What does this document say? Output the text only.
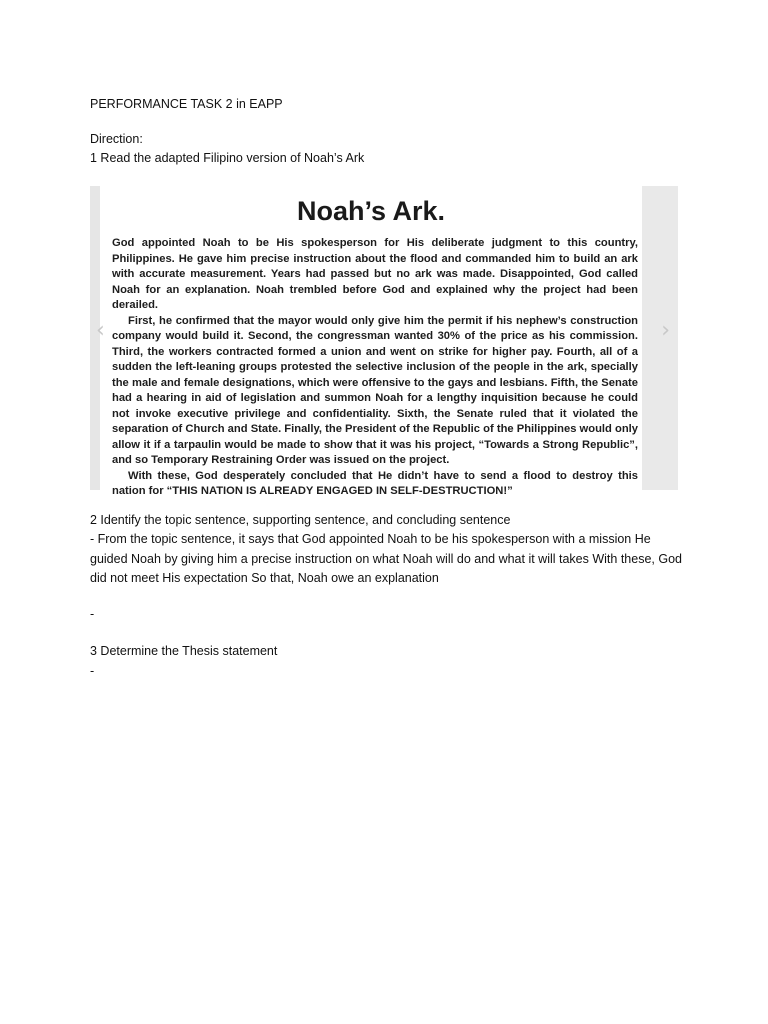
PERFORMANCE TASK 2 in EAPP
Direction:
1 Read the adapted Filipino version of Noah’s Ark
Noah’s Ark.

God appointed Noah to be His spokesperson for His deliberate judgment to this country, Philippines. He gave him precise instruction about the flood and commanded him to build an ark with accurate measurement. Years had passed but no ark was made. Disappointed, God called Noah for an explanation. Noah trembled before God and explained why the project had been derailed.

First, he confirmed that the mayor would only give him the permit if his nephew’s construction company would build it. Second, the congressman wanted 30% of the price as his commission. Third, the workers contracted formed a union and went on strike for higher pay. Fourth, all of a sudden the left-leaning groups protested the selective inclusion of the people in the ark, specially the male and female designations, which were offensive to the gays and lesbians. Fifth, the Senate had a hearing in aid of legislation and summon Noah for a lengthy inquisition because he could not invoke executive privilege and confidentiality. Sixth, the Senate ruled that it violated the separation of Church and State. Finally, the President of the Republic of the Philippines would only allow it if a tarpaulin would be made to show that it was his project, “Towards a Strong Republic”, and so Temporary Restraining Order was issued on the project.

With these, God desperately concluded that He didn’t have to send a flood to destroy this nation for “THIS NATION IS ALREADY ENGAGED IN SELF-DESTRUCTION!”

‹	›
2 Identify the topic sentence, supporting sentence, and concluding sentence
- From the topic sentence, it says that God appointed Noah to be his spokesperson with a mission He guided Noah by giving him a precise instruction on what Noah will do and what it will takes With these, God did not meet His expectation So that, Noah owe an explanation
-
3 Determine the Thesis statement
-
